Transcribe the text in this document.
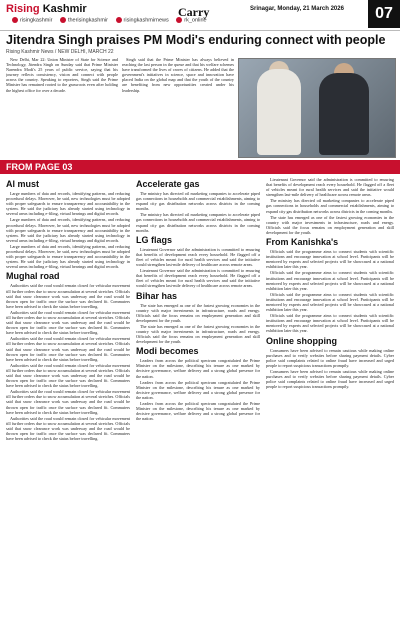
Rising Kashmir
risingkashmir	therisingkashmir	risingkashmirnews	rk_online
Carry	Srinagar, Monday, 21 March 2026	07
Jitendra Singh praises PM Modi's enduring connect with people
Rising Kashmir News / NEW DELHI, MARCH 22

New Delhi, Mar 22: Union Minister of State for Science and Technology, Jitendra Singh on Sunday said that Prime Minister Narendra Modi's 25 years of public service, saying that his journey reflects consistency, vision and connect with people across the country. Speaking to reporters, Singh said the Prime Minister has remained rooted to the grassroots even after holding the highest office for over a decade.

Singh said that the Prime Minister has always believed in reaching the last person in the queue and that his welfare schemes have transformed the lives of crores of citizens. He added that the government's initiatives in science, space and innovation have placed India on the global map and that the youth of the country are benefiting from new opportunities created under his leadership.

FROM PAGE 03
Al must

Large numbers of data and records, identifying patterns, and reducing procedural delays. Moreover, he said, new technologies must be adopted with proper safeguards to ensure transparency and accountability in the system. He said the judiciary has already started using technology in several areas including e-filing, virtual hearings and digital records.

Large numbers of data and records, identifying patterns, and reducing procedural delays. Moreover, he said, new technologies must be adopted with proper safeguards to ensure transparency and accountability in the system. He said the judiciary has already started using technology in several areas including e-filing, virtual hearings and digital records.

Large numbers of data and records, identifying patterns, and reducing procedural delays. Moreover, he said, new technologies must be adopted with proper safeguards to ensure transparency and accountability in the system. He said the judiciary has already started using technology in several areas including e-filing, virtual hearings and digital records.

Mughal road

Authorities said the road would remain closed for vehicular movement till further orders due to snow accumulation at several stretches. Officials said that snow clearance work was underway and the road would be thrown open for traffic once the surface was declared fit. Commuters have been advised to check the status before travelling.

Authorities said the road would remain closed for vehicular movement till further orders due to snow accumulation at several stretches. Officials said that snow clearance work was underway and the road would be thrown open for traffic once the surface was declared fit. Commuters have been advised to check the status before travelling.

Authorities said the road would remain closed for vehicular movement till further orders due to snow accumulation at several stretches. Officials said that snow clearance work was underway and the road would be thrown open for traffic once the surface was declared fit. Commuters have been advised to check the status before travelling.

Authorities said the road would remain closed for vehicular movement till further orders due to snow accumulation at several stretches. Officials said that snow clearance work was underway and the road would be thrown open for traffic once the surface was declared fit. Commuters have been advised to check the status before travelling.

Authorities said the road would remain closed for vehicular movement till further orders due to snow accumulation at several stretches. Officials said that snow clearance work was underway and the road would be thrown open for traffic once the surface was declared fit. Commuters have been advised to check the status before travelling.

Authorities said the road would remain closed for vehicular movement till further orders due to snow accumulation at several stretches. Officials said that snow clearance work was underway and the road would be thrown open for traffic once the surface was declared fit. Commuters have been advised to check the status before travelling.

Accelerate gas

The ministry has directed oil marketing companies to accelerate piped gas connections in households and commercial establishments, aiming to expand city gas distribution networks across districts in the coming months.

The ministry has directed oil marketing companies to accelerate piped gas connections in households and commercial establishments, aiming to expand city gas distribution networks across districts in the coming months.

LG flags

Lieutenant Governor said the administration is committed to ensuring that benefits of development reach every household. He flagged off a fleet of vehicles meant for rural health services and said the initiative would strengthen last-mile delivery of healthcare across remote areas.

Lieutenant Governor said the administration is committed to ensuring that benefits of development reach every household. He flagged off a fleet of vehicles meant for rural health services and said the initiative would strengthen last-mile delivery of healthcare across remote areas.

Bihar has

The state has emerged as one of the fastest growing economies in the country with major investments in infrastructure, roads and energy. Officials said the focus remains on employment generation and skill development for the youth.

The state has emerged as one of the fastest growing economies in the country with major investments in infrastructure, roads and energy. Officials said the focus remains on employment generation and skill development for the youth.

Modi becomes

Leaders from across the political spectrum congratulated the Prime Minister on the milestone, describing his tenure as one marked by decisive governance, welfare delivery and a strong global presence for the nation.

Leaders from across the political spectrum congratulated the Prime Minister on the milestone, describing his tenure as one marked by decisive governance, welfare delivery and a strong global presence for the nation.

Leaders from across the political spectrum congratulated the Prime Minister on the milestone, describing his tenure as one marked by decisive governance, welfare delivery and a strong global presence for the nation.

Lieutenant Governor said the administration is committed to ensuring that benefits of development reach every household. He flagged off a fleet of vehicles meant for rural health services and said the initiative would strengthen last-mile delivery of healthcare across remote areas.

The ministry has directed oil marketing companies to accelerate piped gas connections in households and commercial establishments, aiming to expand city gas distribution networks across districts in the coming months.

The state has emerged as one of the fastest growing economies in the country with major investments in infrastructure, roads and energy. Officials said the focus remains on employment generation and skill development for the youth.

From Kanishka's

Officials said the programme aims to connect students with scientific institutions and encourage innovation at school level. Participants will be mentored by experts and selected projects will be showcased at a national exhibition later this year.

Officials said the programme aims to connect students with scientific institutions and encourage innovation at school level. Participants will be mentored by experts and selected projects will be showcased at a national exhibition later this year.

Officials said the programme aims to connect students with scientific institutions and encourage innovation at school level. Participants will be mentored by experts and selected projects will be showcased at a national exhibition later this year.

Officials said the programme aims to connect students with scientific institutions and encourage innovation at school level. Participants will be mentored by experts and selected projects will be showcased at a national exhibition later this year.

Online shopping

Consumers have been advised to remain cautious while making online purchases and to verify websites before sharing payment details. Cyber police said complaints related to online fraud have increased and urged people to report suspicious transactions promptly.

Consumers have been advised to remain cautious while making online purchases and to verify websites before sharing payment details. Cyber police said complaints related to online fraud have increased and urged people to report suspicious transactions promptly.
